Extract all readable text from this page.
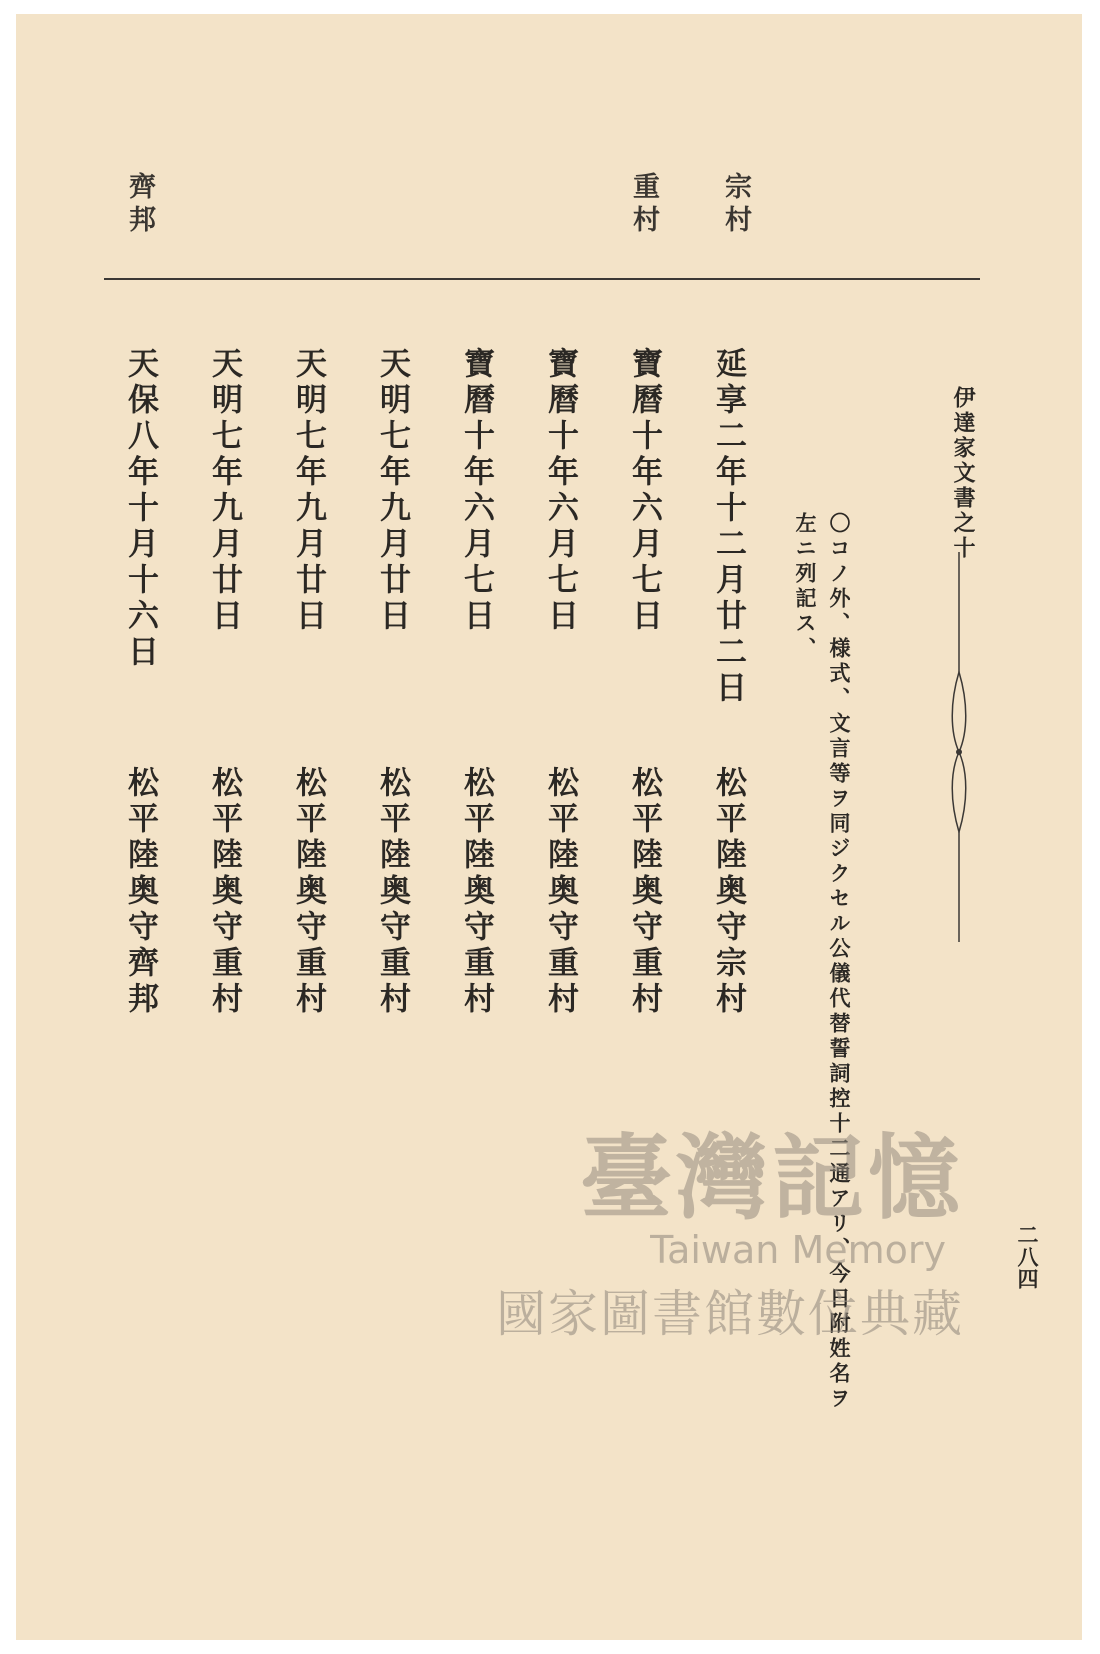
宗村
重村
齊邦
伊達家文書之十
二八四
〇コノ外、様式、文言等ヲ同ジクセル公儀代替誓詞控十二通アリ、今日附姓名ヲ
左ニ列記ス、
延享二年十二月廿二日
寶曆十年六月七日
寶曆十年六月七日
寶曆十年六月七日
天明七年九月廿日
天明七年九月廿日
天明七年九月廿日
天保八年十月十六日
松平陸奥守宗村
松平陸奥守重村
松平陸奥守重村
松平陸奥守重村
松平陸奥守重村
松平陸奥守重村
松平陸奥守重村
松平陸奥守齊邦
臺灣記憶
Taiwan Memory
國家圖書館數位典藏
